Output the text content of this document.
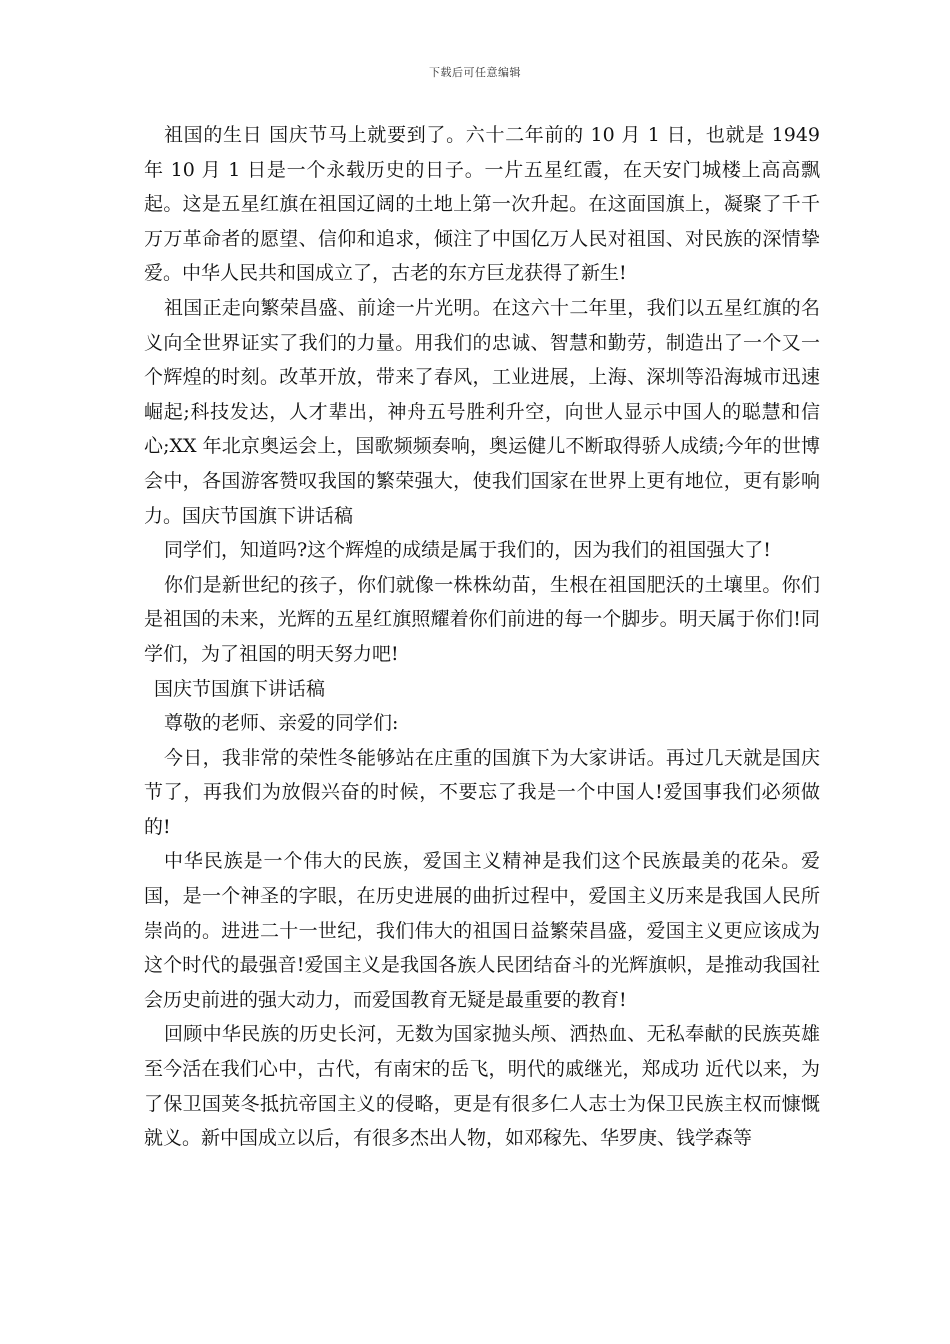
下载后可任意编辑

祖国的生日 国庆节马上就要到了。六十二年前的 10 月 1 日，也就是 1949 年 10 月 1 日是一个永载历史的日子。一片五星红霞，在天安门城楼上高高飘起。这是五星红旗在祖国辽阔的土地上第一次升起。在这面国旗上，凝聚了千千万万革命者的愿望、信仰和追求，倾注了中国亿万人民对祖国、对民族的深情挚爱。中华人民共和国成立了，古老的东方巨龙获得了新生!

祖国正走向繁荣昌盛、前途一片光明。在这六十二年里，我们以五星红旗的名义向全世界证实了我们的力量。用我们的忠诚、智慧和勤劳，制造出了一个又一个辉煌的时刻。改革开放，带来了春风，工业进展，上海、深圳等沿海城市迅速崛起;科技发达，人才辈出，神舟五号胜利升空，向世人显示中国人的聪慧和信心;XX 年北京奥运会上，国歌频频奏响，奥运健儿不断取得骄人成绩;今年的世博会中，各国游客赞叹我国的繁荣强大，使我们国家在世界上更有地位，更有影响力。国庆节国旗下讲话稿

同学们，知道吗?这个辉煌的成绩是属于我们的，因为我们的祖国强大了!

你们是新世纪的孩子，你们就像一株株幼苗，生根在祖国肥沃的土壤里。你们是祖国的未来，光辉的五星红旗照耀着你们前进的每一个脚步。明天属于你们!同学们，为了祖国的明天努力吧!

国庆节国旗下讲话稿

尊敬的老师、亲爱的同学们:

今日，我非常的荣性冬能够站在庄重的国旗下为大家讲话。再过几天就是国庆节了，再我们为放假兴奋的时候，不要忘了我是一个中国人!爱国事我们必须做的!

中华民族是一个伟大的民族，爱国主义精神是我们这个民族最美的花朵。爱国，是一个神圣的字眼，在历史进展的曲折过程中，爱国主义历来是我国人民所崇尚的。进进二十一世纪，我们伟大的祖国日益繁荣昌盛，爱国主义更应该成为这个时代的最强音!爱国主义是我国各族人民团结奋斗的光辉旗帜，是推动我国社会历史前进的强大动力，而爱国教育无疑是最重要的教育!

回顾中华民族的历史长河，无数为国家抛头颅、洒热血、无私奉献的民族英雄至今活在我们心中，古代，有南宋的岳飞，明代的戚继光，郑成功 近代以来，为了保卫国荚冬抵抗帝国主义的侵略，更是有很多仁人志士为保卫民族主权而慷慨就义。新中国成立以后，有很多杰出人物，如邓稼先、华罗庚、钱学森等
